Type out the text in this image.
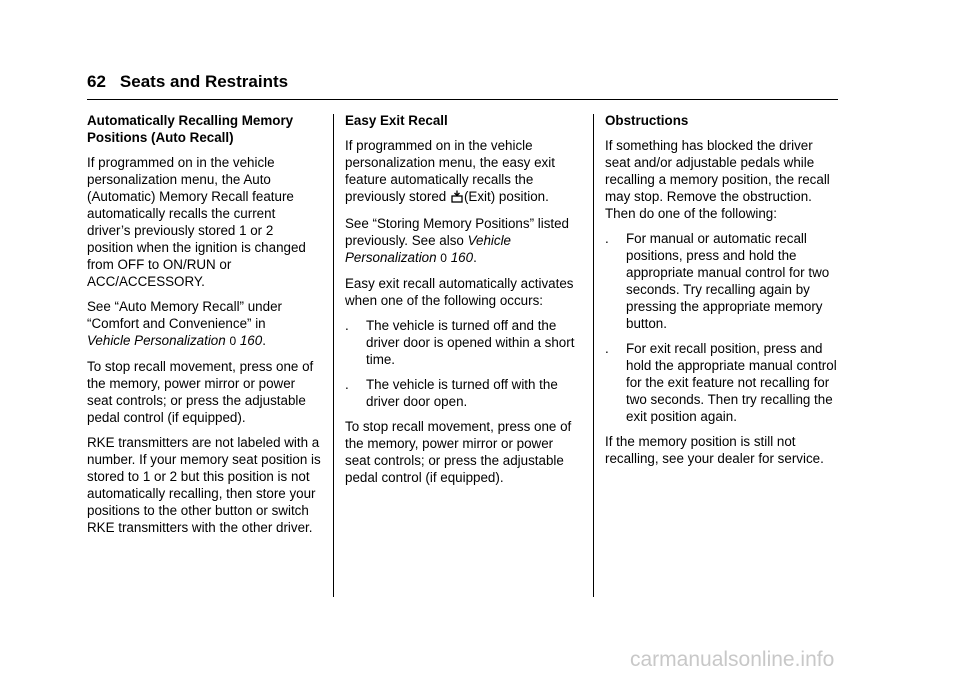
62 Seats and Restraints
Automatically Recalling Memory Positions (Auto Recall)

If programmed on in the vehicle personalization menu, the Auto (Automatic) Memory Recall feature automatically recalls the current driver’s previously stored 1 or 2 position when the ignition is changed from OFF to ON/RUN or ACC/ACCESSORY.

See “Auto Memory Recall” under “Comfort and Convenience” in
Vehicle Personalization 0 160.

To stop recall movement, press one of the memory, power mirror or power seat controls; or press the adjustable pedal control (if equipped).

RKE transmitters are not labeled with a number. If your memory seat position is stored to 1 or 2 but this position is not automatically recalling, then store your positions to the other button or switch RKE transmitters with the other driver.

Easy Exit Recall

If programmed on in the vehicle personalization menu, the easy exit feature automatically recalls the previously stored (Exit) position.

See “Storing Memory Positions” listed previously. See also Vehicle Personalization 0 160.

Easy exit recall automatically activates when one of the following occurs:

. The vehicle is turned off and the driver door is opened within a short time.
. The vehicle is turned off with the driver door open.

To stop recall movement, press one of the memory, power mirror or power seat controls; or press the adjustable pedal control (if equipped).

Obstructions

If something has blocked the driver seat and/or adjustable pedals while recalling a memory position, the recall may stop. Remove the obstruction. Then do one of the following:

. For manual or automatic recall positions, press and hold the appropriate manual control for two seconds. Try recalling again by pressing the appropriate memory button.
. For exit recall position, press and hold the appropriate manual control for the exit feature not recalling for two seconds. Then try recalling the exit position again.

If the memory position is still not recalling, see your dealer for service.

carmanualsonline.info
